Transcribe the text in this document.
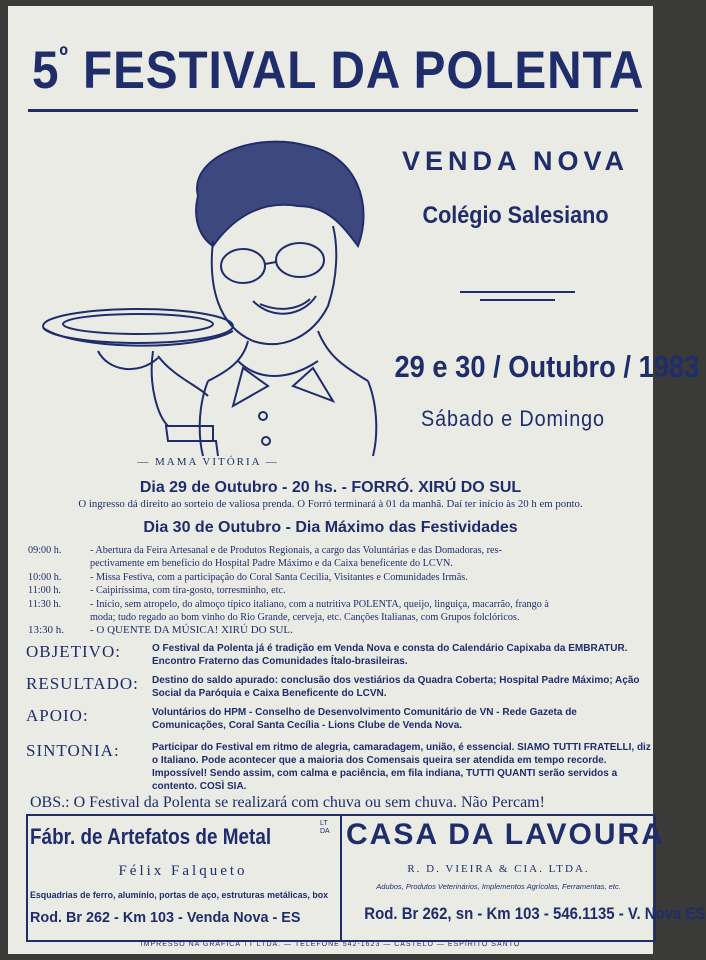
$5^º$ FESTIVAL DA POLENTA
— MAMA VITÓRIA —
VENDA NOVA
Colégio Salesiano
29 e 30 / Outubro / 1983
Sábado e Domingo
Dia 29 de Outubro - 20 hs. - FORRÓ. XIRÚ DO SUL
O ingresso dá direito ao sorteio de valiosa prenda. O Forró terminará à 01 da manhã. Daí ter início às 20 h em ponto.
Dia 30 de Outubro - Dia Máximo das Festividades
09:00 h.	- Abertura da Feira Artesanal e de Produtos Regionais, a cargo das Voluntárias e das Domadoras, res-
pectivamente em benefício do Hospital Padre Máximo e da Caixa beneficente do LCVN.
10:00 h.	- Missa Festiva, com a participação do Coral Santa Cecília, Visitantes e Comunidades Irmãs.
11:00 h.	- Caipiríssima, com tira-gosto, torresminho, etc.
11:30 h.	- Início, sem atropelo, do almoço típico italiano, com a nutritiva POLENTA, queijo, linguiça, macarrão, frango à
moda; tudo regado ao bom vinho do Rio Grande, cerveja, etc. Canções Italianas, com Grupos folclóricos.
13:30 h.	- O QUENTE DA MÚSICA! XIRÚ DO SUL.
OBJETIVO:	O Festival da Polenta já é tradição em Venda Nova e consta do Calendário Capixaba da EMBRATUR. Encontro Fraterno das Comunidades Ítalo-brasileiras.
RESULTADO: Destino do saldo apurado: conclusão dos vestiários da Quadra Coberta; Hospital Padre Máximo; Ação Social da Paróquia e Caixa Beneficente do LCVN.
APOIO:	Voluntários do HPM - Conselho de Desenvolvimento Comunitário de VN - Rede Gazeta de Comunicações, Coral Santa Cecília - Lions Clube de Venda Nova.
SINTONIA:	Participar do Festival em ritmo de alegria, camaradagem, união, é essencial. SIAMO TUTTI FRATELLI, diz o Italiano. Pode acontecer que a maioria dos Comensais queira ser atendida em tempo recorde. Impossível! Sendo assim, com calma e paciência, em fila indiana, TUTTI QUANTI serão servidos a contento. COSÌ SIA.
OBS.: O Festival da Polenta se realizará com chuva ou sem chuva. Não Percam!
Fábr. de Artefatos de Metal
LTDA
Félix Falqueto
Esquadrias de ferro, alumínio, portas de aço, estruturas metálicas, box
Rod. Br 262 - Km 103 - Venda Nova - ES
CASA DA LAVOURA
R. D. VIEIRA & CIA. LTDA.
Adubos, Produtos Veterinários, Implementos Agrícolas, Ferramentas, etc.
Rod. Br 262, sn - Km 103 - 546.1135 - V. Nova ES
IMPRESSO NA GRÁFICA TT LTDA. — TELEFONE 542-1623 — CASTELO — ESPÍRITO SANTO
